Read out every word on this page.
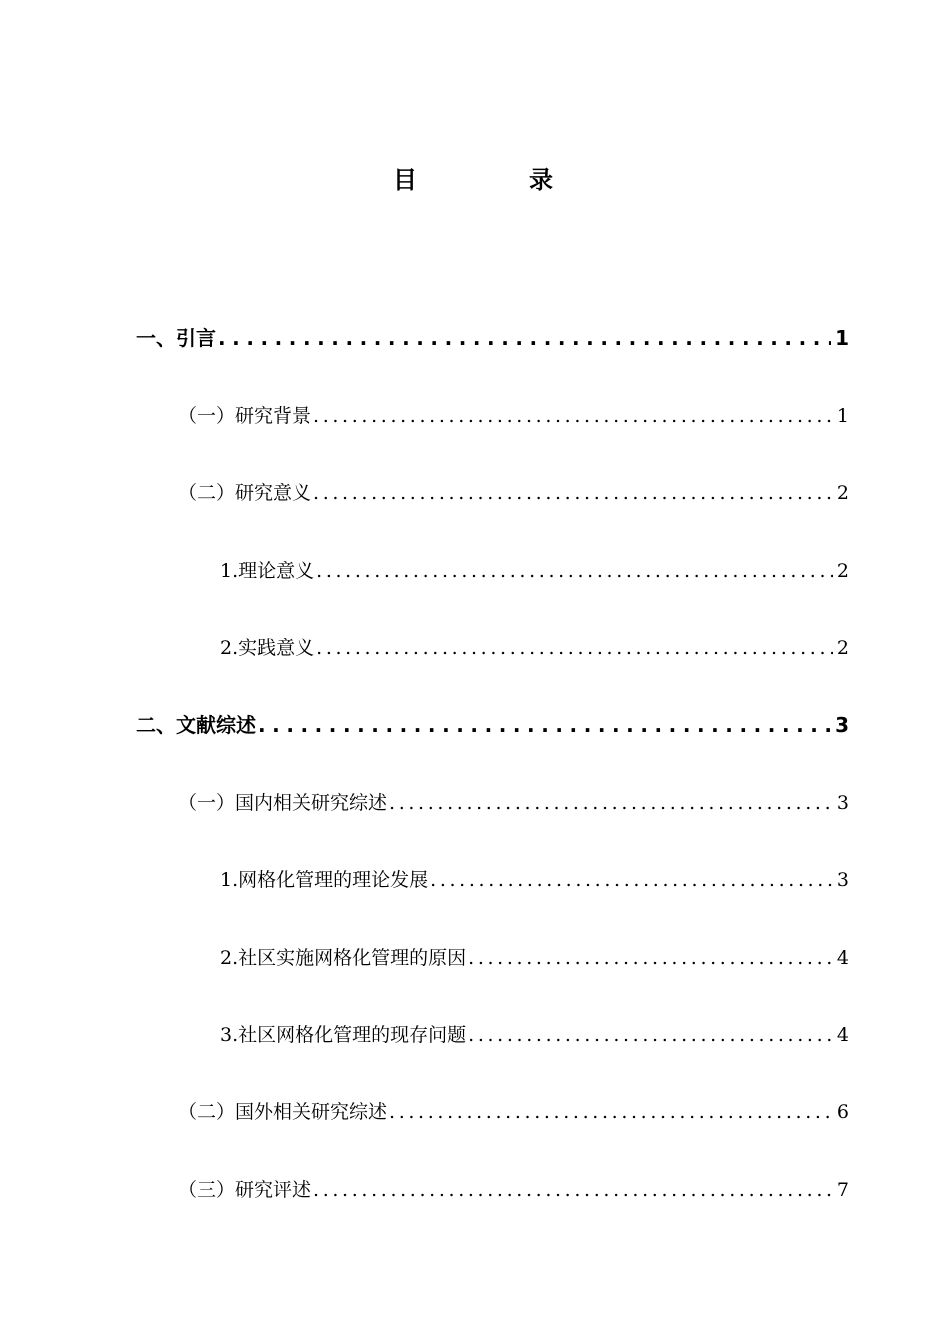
目　录
一、引言 . . .	1
（一）研究背景 . . .	1
（二）研究意义 . . .	2
1.理论意义 . . .	2
2.实践意义 . . .	2
二、文献综述 . . .	3
（一）国内相关研究综述 . . .	3
1.网格化管理的理论发展 . . .	3
2.社区实施网格化管理的原因 . . .	4
3.社区网格化管理的现存问题 . . .	4
（二）国外相关研究综述 . . .	6
（三）研究评述 . . .	7
